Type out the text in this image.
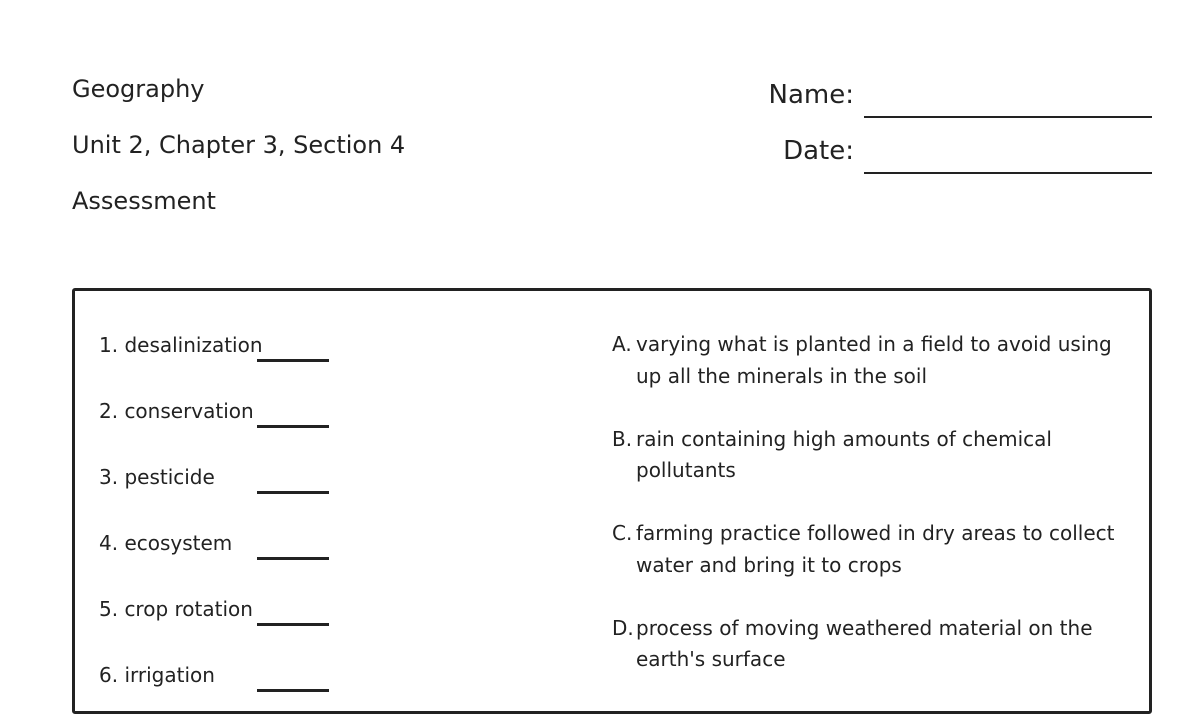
Geography
Unit 2, Chapter 3, Section 4
Assessment
Name:
Date:
1. desalinization
2. conservation
3. pesticide
4. ecosystem
5. crop rotation
6. irrigation
A. varying what is planted in a field to avoid using up all the minerals in the soil
B. rain containing high amounts of chemical pollutants
C. farming practice followed in dry areas to collect water and bring it to crops
D. process of moving weathered material on the earth's surface
